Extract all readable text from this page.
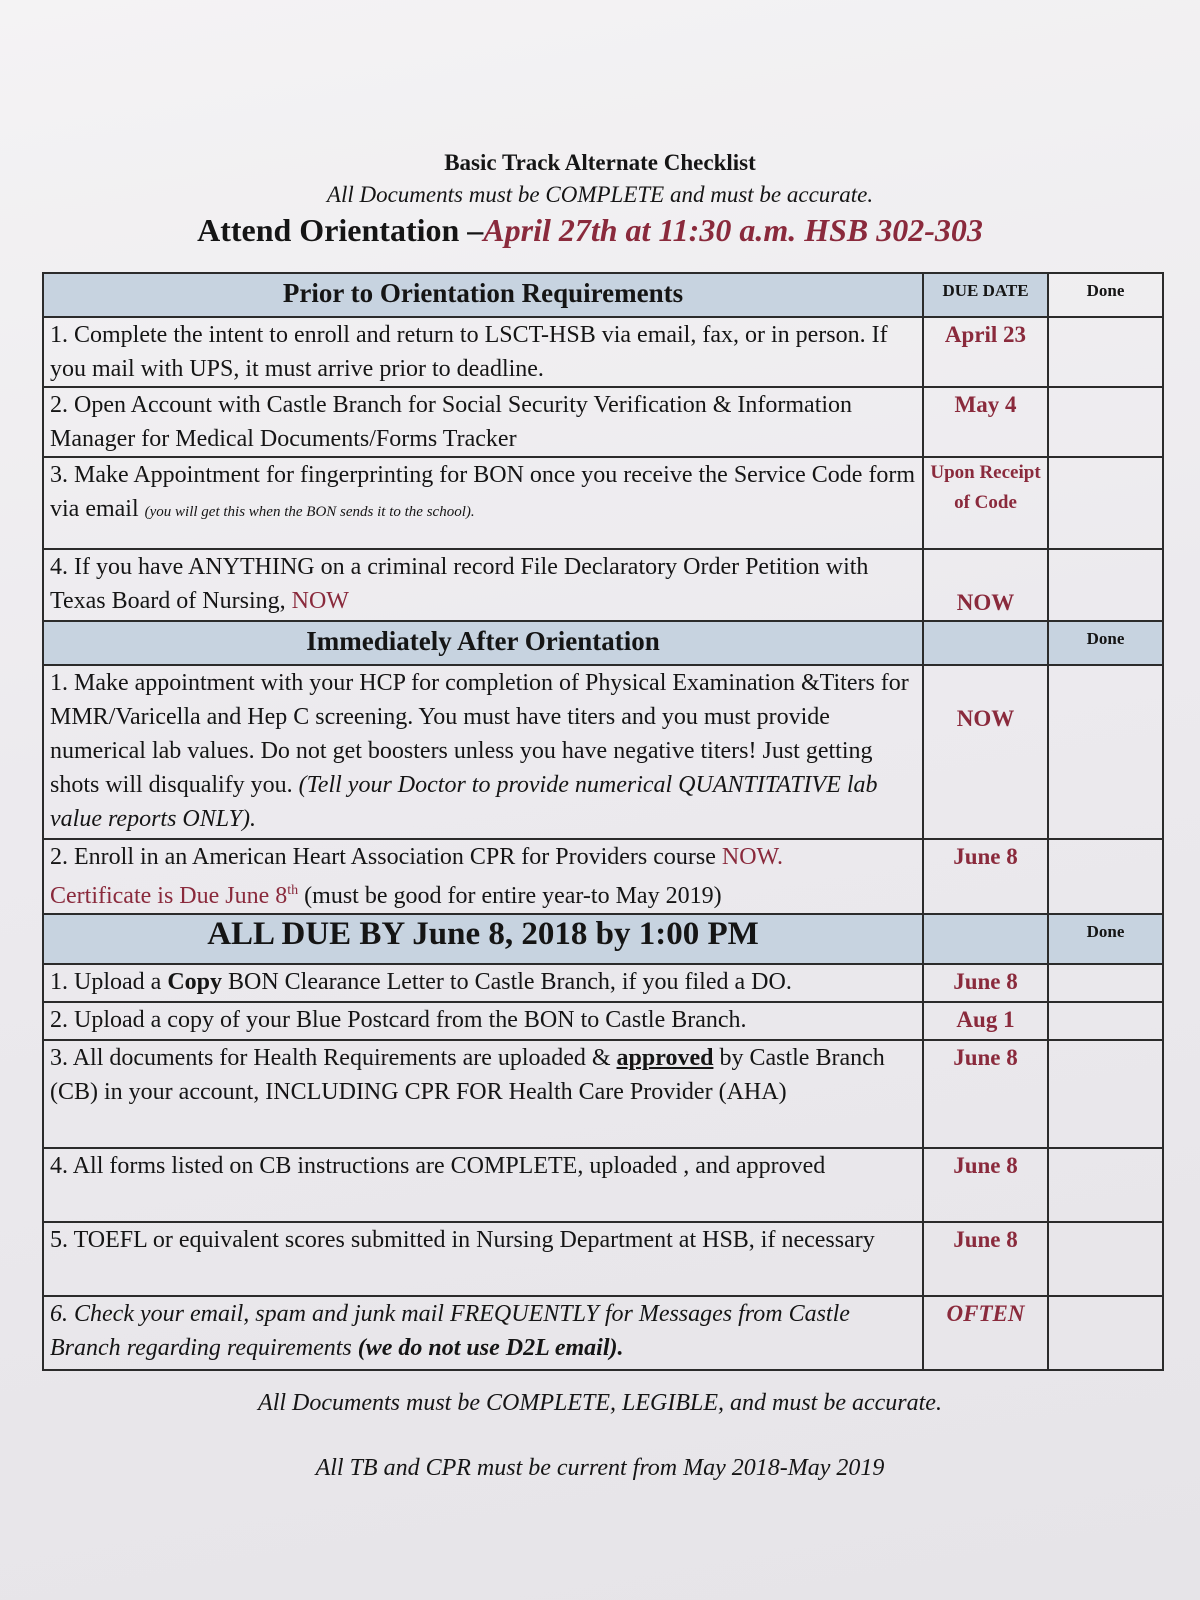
Basic Track Alternate Checklist
All Documents must be COMPLETE and must be accurate.
Attend Orientation –April 27th at 11:30 a.m. HSB 302-303
Prior to Orientation Requirements	DUE DATE	Done
1. Complete the intent to enroll and return to LSCT-HSB via email, fax, or in person. If you mail with UPS, it must arrive prior to deadline.	April 23	
2. Open Account with Castle Branch for Social Security Verification & Information Manager for Medical Documents/Forms Tracker	May 4	
3. Make Appointment for fingerprinting for BON once you receive the Service Code form via email (you will get this when the BON sends it to the school).	Upon Receipt of Code	
4. If you have ANYTHING on a criminal record File Declaratory Order Petition with Texas Board of Nursing, NOW	NOW	
Immediately After Orientation		Done
1. Make appointment with your HCP for completion of Physical Examination &Titers for MMR/Varicella and Hep C screening. You must have titers and you must provide numerical lab values. Do not get boosters unless you have negative titers! Just getting shots will disqualify you. (Tell your Doctor to provide numerical QUANTITATIVE lab value reports ONLY).	NOW	
2. Enroll in an American Heart Association CPR for Providers course NOW.
Certificate is Due June 8th (must be good for entire year-to May 2019)	June 8	
ALL DUE BY June 8, 2018 by 1:00 PM		Done
1. Upload a Copy BON Clearance Letter to Castle Branch, if you filed a DO.	June 8	
2. Upload a copy of your Blue Postcard from the BON to Castle Branch.	Aug 1	
3. All documents for Health Requirements are uploaded & approved by Castle Branch (CB) in your account, INCLUDING CPR FOR Health Care Provider (AHA)	June 8	
4. All forms listed on CB instructions are COMPLETE, uploaded , and approved	June 8	
5. TOEFL or equivalent scores submitted in Nursing Department at HSB, if necessary	June 8	
6. Check your email, spam and junk mail FREQUENTLY for Messages from Castle Branch regarding requirements (we do not use D2L email).	OFTEN	
All Documents must be COMPLETE, LEGIBLE, and must be accurate.
All TB and CPR must be current from May 2018-May 2019
